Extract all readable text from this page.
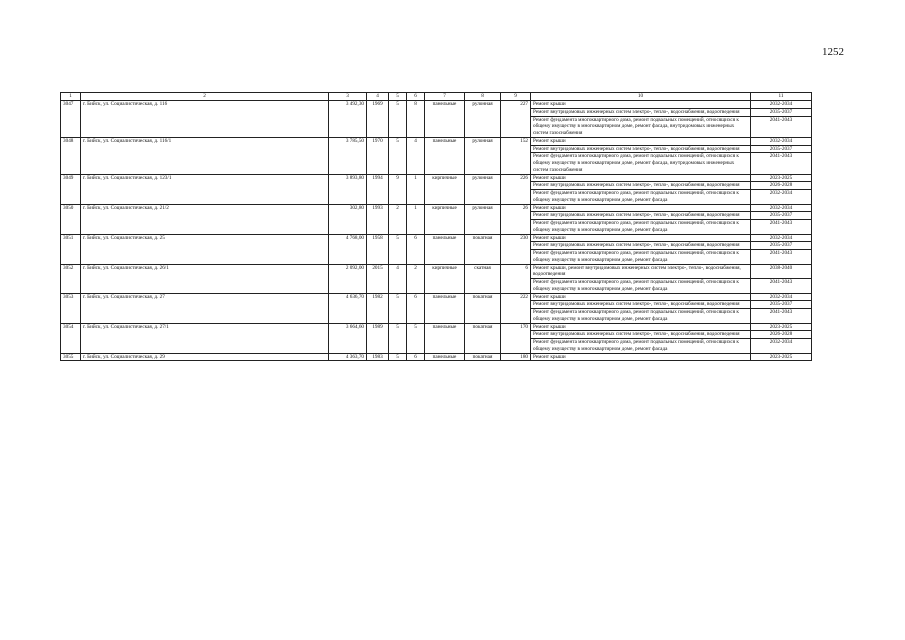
1252
1	2	3	4	5	6	7	8	9	10	11
3047	г. Бийск, ул. Социалистическая, д. 116	3 492,30	1969	5	8	панельные	рулонная	227	Ремонт крыши	2032-2034
									Ремонт внутридомовых инженерных систем электро-, тепло-, водоснабжения, водоотведения	2035-2037
									Ремонт фундамента многоквартирного дома, ремонт подвальных помещений, относящихся к общему имуществу в многоквартирном доме, ремонт фасада, внутридомовых инженерных систем газоснабжения	2041-2043
3048	г. Бийск, ул. Социалистическая, д. 116/1	3 785,50	1970	5	4	панельные	рулонная	152	Ремонт крыши	2032-2034
									Ремонт внутридомовых инженерных систем электро-, тепло-, водоснабжения, водоотведения	2035-2037
									Ремонт фундамента многоквартирного дома, ремонт подвальных помещений, относящихся к общему имуществу в многоквартирном доме, ремонт фасада, внутридомовых инженерных систем газоснабжения	2041-2043
3049	г. Бийск, ул. Социалистическая, д. 123/1	3 893,80	1994	9	1	кирпичные	рулонная	226	Ремонт крыши	2023-2025
									Ремонт внутридомовых инженерных систем электро-, тепло-, водоснабжения, водоотведения	2026-2028
									Ремонт фундамента многоквартирного дома, ремонт подвальных помещений, относящихся к общему имуществу в многоквартирном доме, ремонт фасада	2032-2034
3050	г. Бийск, ул. Социалистическая, д. 21/2	302,80	1993	2	1	кирпичные	рулонная	26	Ремонт крыши	2032-2034
									Ремонт внутридомовых инженерных систем электро-, тепло-, водоснабжения, водоотведения	2035-2037
									Ремонт фундамента многоквартирного дома, ремонт подвальных помещений, относящихся к общему имуществу в многоквартирном доме, ремонт фасада	2041-2043
3051	г. Бийск, ул. Социалистическая, д. 25	4 768,00	1958	5	6	панельные	покатная	230	Ремонт крыши	2032-2034
									Ремонт внутридомовых инженерных систем электро-, тепло-, водоснабжения, водоотведения	2035-2037
									Ремонт фундамента многоквартирного дома, ремонт подвальных помещений, относящихся к общему имуществу в многоквартирном доме, ремонт фасада	2041-2043
3052	г. Бийск, ул. Социалистическая, д. 26/1	2 092,00	2015	4	2	кирпичные	скатная	6	Ремонт крыши, ремонт внутридомовых инженерных систем электро-, тепло-, водоснабжения, водоотведения	2038-2040
									Ремонт фундамента многоквартирного дома, ремонт подвальных помещений, относящихся к общему имуществу в многоквартирном доме, ремонт фасада	2041-2043
3053	г. Бийск, ул. Социалистическая, д. 27	4 636,70	1982	5	6	панельные	покатная	222	Ремонт крыши	2032-2034
									Ремонт внутридомовых инженерных систем электро-, тепло-, водоснабжения, водоотведения	2035-2037
									Ремонт фундамента многоквартирного дома, ремонт подвальных помещений, относящихся к общему имуществу в многоквартирном доме, ремонт фасада	2041-2043
3054	г. Бийск, ул. Социалистическая, д. 27/1	3 664,60	1989	5	5	панельные	покатная	170	Ремонт крыши	2023-2025
									Ремонт внутридомовых инженерных систем электро-, тепло-, водоснабжения, водоотведения	2026-2028
									Ремонт фундамента многоквартирного дома, ремонт подвальных помещений, относящихся к общему имуществу в многоквартирном доме, ремонт фасада	2032-2034
3055	г. Бийск, ул. Социалистическая, д. 29	4 363,70	1983	5	6	панельные	покатная	180	Ремонт крыши	2023-2025
